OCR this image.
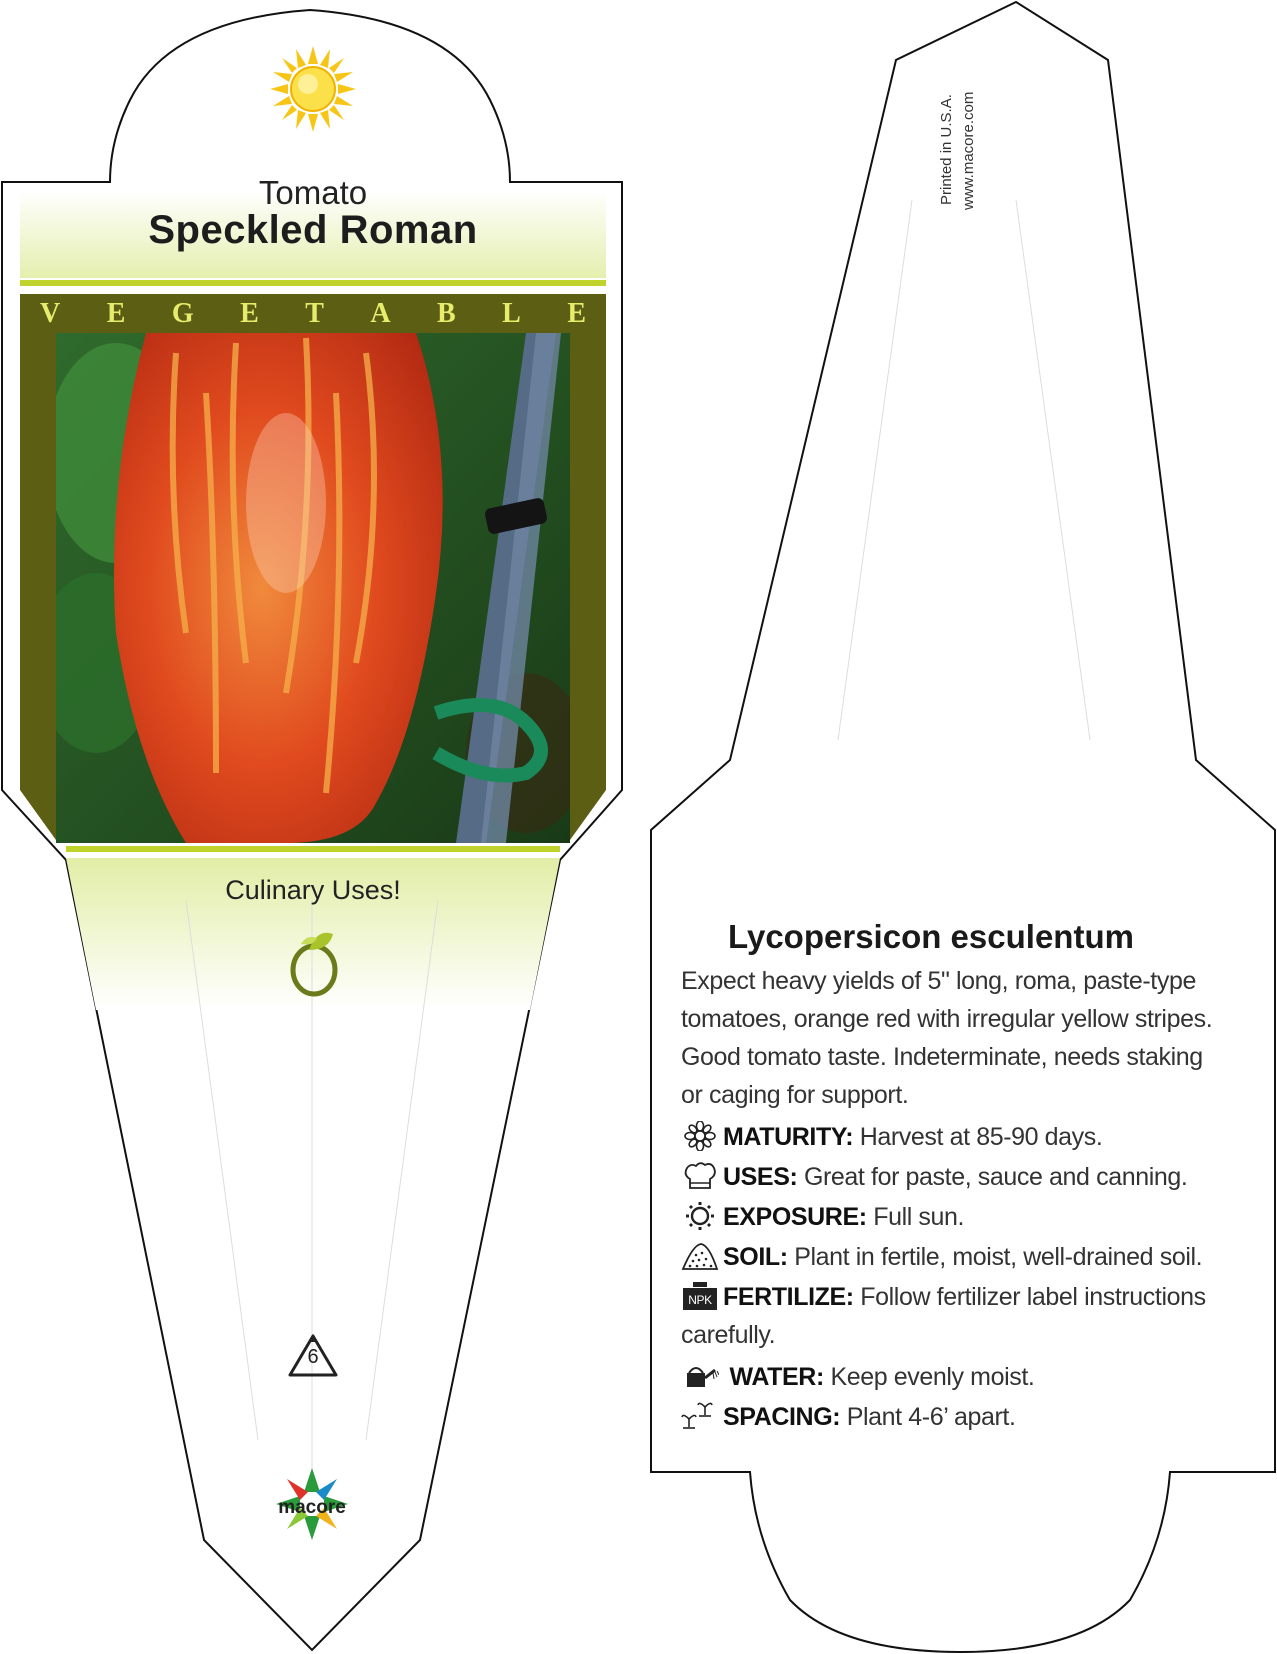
Tomato
Speckled Roman
V E G E T A B L E
Culinary Uses!
6
macore
Printed in U.S.A. www.macore.com
Lycopersicon esculentum
Expect heavy yields of 5" long, roma, paste-type tomatoes, orange red with irregular yellow stripes. Good tomato taste. Indeterminate, needs staking or caging for support.
MATURITY: Harvest at 85-90 days.
USES: Great for paste, sauce and canning.
EXPOSURE: Full sun.
SOIL: Plant in fertile, moist, well-drained soil.
NPK FERTILIZE: Follow fertilizer label instructions carefully.
WATER: Keep evenly moist.
SPACING: Plant 4-6’ apart.
